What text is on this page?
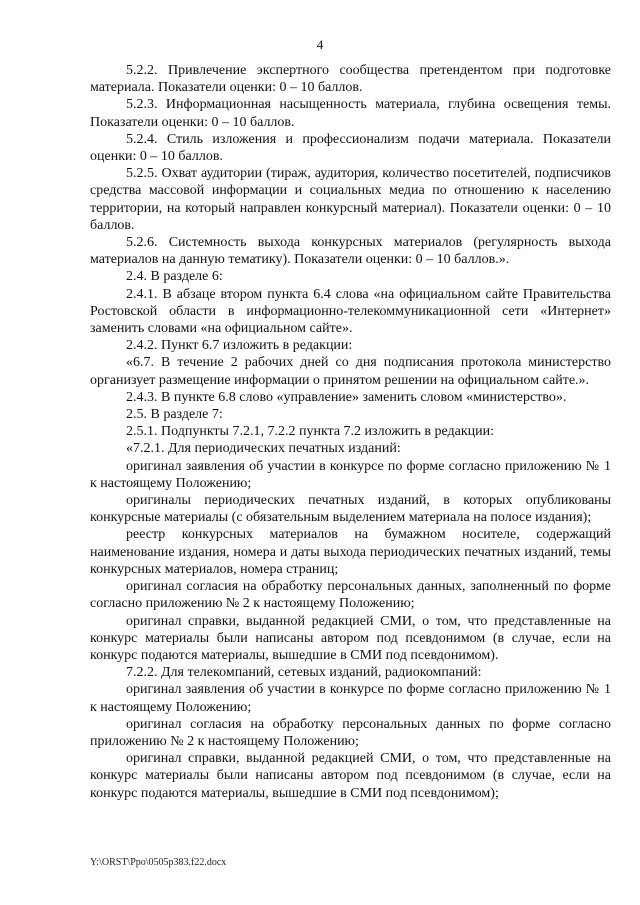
4

5.2.2. Привлечение экспертного сообщества претендентом при подготовке материала. Показатели оценки: 0 – 10 баллов.

5.2.3. Информационная насыщенность материала, глубина освещения темы. Показатели оценки: 0 – 10 баллов.

5.2.4. Стиль изложения и профессионализм подачи материала. Показатели оценки: 0 – 10 баллов.

5.2.5. Охват аудитории (тираж, аудитория, количество посетителей, подписчиков средства массовой информации и социальных медиа по отношению к населению территории, на который направлен конкурсный материал). Показатели оценки: 0 – 10 баллов.

5.2.6. Системность выхода конкурсных материалов (регулярность выхода материалов на данную тематику). Показатели оценки: 0 – 10 баллов.».

2.4. В разделе 6:

2.4.1. В абзаце втором пункта 6.4 слова «на официальном сайте Правительства Ростовской области в информационно-телекоммуникационной сети «Интернет» заменить словами «на официальном сайте».

2.4.2. Пункт 6.7 изложить в редакции:

«6.7. В течение 2 рабочих дней со дня подписания протокола министерство организует размещение информации о принятом решении на официальном сайте.».

2.4.3. В пункте 6.8 слово «управление» заменить словом «министерство».

2.5. В разделе 7:

2.5.1. Подпункты 7.2.1, 7.2.2 пункта 7.2 изложить в редакции:

«7.2.1. Для периодических печатных изданий:

оригинал заявления об участии в конкурсе по форме согласно приложению № 1 к настоящему Положению;

оригиналы периодических печатных изданий, в которых опубликованы конкурсные материалы (с обязательным выделением материала на полосе издания);

реестр конкурсных материалов на бумажном носителе, содержащий наименование издания, номера и даты выхода периодических печатных изданий, темы конкурсных материалов, номера страниц;

оригинал согласия на обработку персональных данных, заполненный по форме согласно приложению № 2 к настоящему Положению;

оригинал справки, выданной редакцией СМИ, о том, что представленные на конкурс материалы были написаны автором под псевдонимом (в случае, если на конкурс подаются материалы, вышедшие в СМИ под псевдонимом).

7.2.2. Для телекомпаний, сетевых изданий, радиокомпаний:

оригинал заявления об участии в конкурсе по форме согласно приложению № 1 к настоящему Положению;

оригинал согласия на обработку персональных данных по форме согласно приложению № 2 к настоящему Положению;

оригинал справки, выданной редакцией СМИ, о том, что представленные на конкурс материалы были написаны автором под псевдонимом (в случае, если на конкурс подаются материалы, вышедшие в СМИ под псевдонимом);

Y:\ORST\Ppo\0505p383.f22.docx
